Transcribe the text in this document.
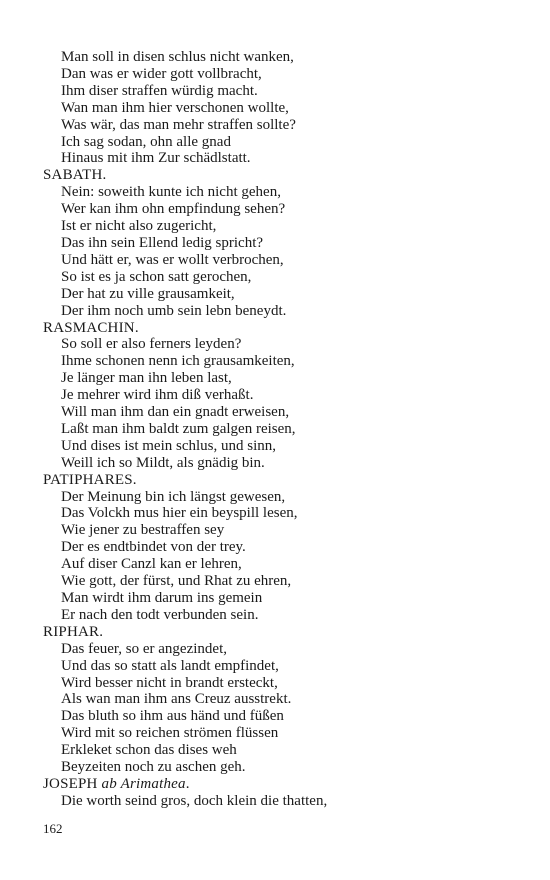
Man soll in disen schlus nicht wanken,
Dan was er wider gott vollbracht,
Ihm diser straffen würdig macht.
Wan man ihm hier verschonen wollte,
Was wär, das man mehr straffen sollte?
Ich sag sodan, ohn alle gnad
Hinaus mit ihm Zur schädlstatt.
SABATH.
Nein: soweith kunte ich nicht gehen,
Wer kan ihm ohn empfindung sehen?
Ist er nicht also zugericht,
Das ihn sein Ellend ledig spricht?
Und hätt er, was er wollt verbrochen,
So ist es ja schon satt gerochen,
Der hat zu ville grausamkeit,
Der ihm noch umb sein lebn beneydt.
RASMACHIN.
So soll er also ferners leyden?
Ihme schonen nenn ich grausamkeiten,
Je länger man ihn leben last,
Je mehrer wird ihm diß verhaßt.
Will man ihm dan ein gnadt erweisen,
Laßt man ihm baldt zum galgen reisen,
Und dises ist mein schlus, und sinn,
Weill ich so Mildt, als gnädig bin.
PATIPHARES.
Der Meinung bin ich längst gewesen,
Das Volckh mus hier ein beyspill lesen,
Wie jener zu bestraffen sey
Der es endtbindet von der trey.
Auf diser Canzl kan er lehren,
Wie gott, der fürst, und Rhat zu ehren,
Man wirdt ihm darum ins gemein
Er nach den todt verbunden sein.
RIPHAR.
Das feuer, so er angezindet,
Und das so statt als landt empfindet,
Wird besser nicht in brandt ersteckt,
Als wan man ihm ans Creuz ausstrekt.
Das bluth so ihm aus händ und füßen
Wird mit so reichen strömen flüssen
Erkleket schon das dises weh
Beyzeiten noch zu aschen geh.
JOSEPH ab Arimathea.
Die worth seind gros, doch klein die thatten,
162
